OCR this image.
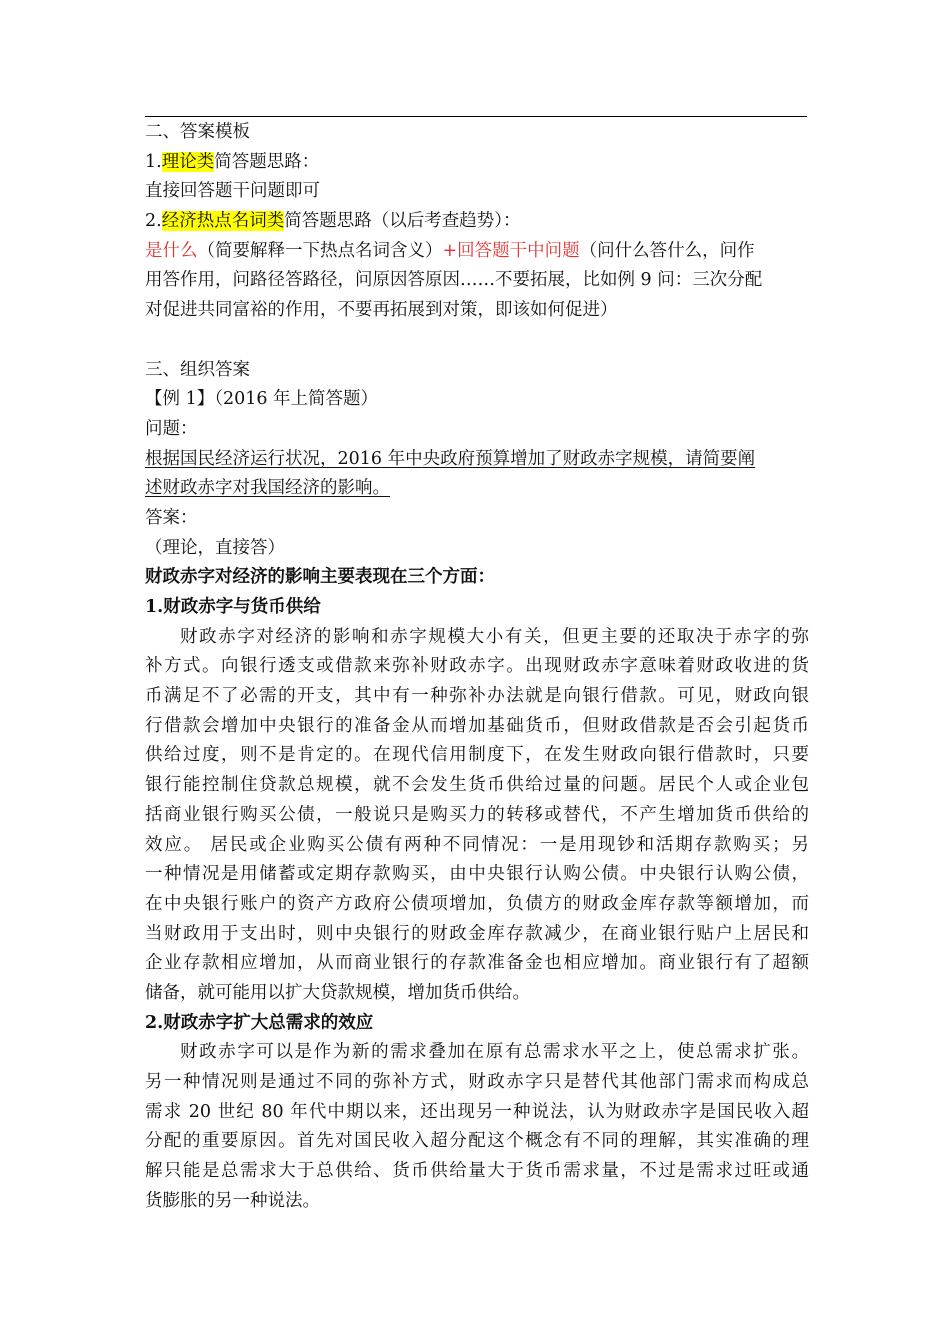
二、答案模板
1.理论类简答题思路：
直接回答题干问题即可
2.经济热点名词类简答题思路（以后考查趋势）：
是什么（简要解释一下热点名词含义）+回答题干中问题（问什么答什么，问作
用答作用，问路径答路径，问原因答原因……不要拓展，比如例 9 问：三次分配
对促进共同富裕的作用，不要再拓展到对策，即该如何促进）
三、组织答案
【例 1】（2016 年上简答题）
问题：
根据国民经济运行状况，2016 年中央政府预算增加了财政赤字规模，请简要阐
述财政赤字对我国经济的影响。
答案：
（理论，直接答）
财政赤字对经济的影响主要表现在三个方面：
1.财政赤字与货币供给
财政赤字对经济的影响和赤字规模大小有关，但更主要的还取决于赤字的弥
补方式。向银行透支或借款来弥补财政赤字。出现财政赤字意味着财政收进的货
币满足不了必需的开支，其中有一种弥补办法就是向银行借款。可见，财政向银
行借款会增加中央银行的准备金从而增加基础货币，但财政借款是否会引起货币
供给过度，则不是肯定的。在现代信用制度下，在发生财政向银行借款时，只要
银行能控制住贷款总规模，就不会发生货币供给过量的问题。居民个人或企业包
括商业银行购买公债，一般说只是购买力的转移或替代，不产生增加货币供给的
效应。 居民或企业购买公债有两种不同情况：一是用现钞和活期存款购买；另
一种情况是用储蓄或定期存款购买，由中央银行认购公债。中央银行认购公债，
在中央银行账户的资产方政府公债项增加，负债方的财政金库存款等额增加，而
当财政用于支出时，则中央银行的财政金库存款减少，在商业银行贴户上居民和
企业存款相应增加，从而商业银行的存款准备金也相应增加。商业银行有了超额
储备，就可能用以扩大贷款规模，增加货币供给。
2.财政赤字扩大总需求的效应
财政赤字可以是作为新的需求叠加在原有总需求水平之上，使总需求扩张。
另一种情况则是通过不同的弥补方式，财政赤字只是替代其他部门需求而构成总
需求 20 世纪 80 年代中期以来，还出现另一种说法，认为财政赤字是国民收入超
分配的重要原因。首先对国民收入超分配这个概念有不同的理解，其实准确的理
解只能是总需求大于总供给、货币供给量大于货币需求量，不过是需求过旺或通
货膨胀的另一种说法。
